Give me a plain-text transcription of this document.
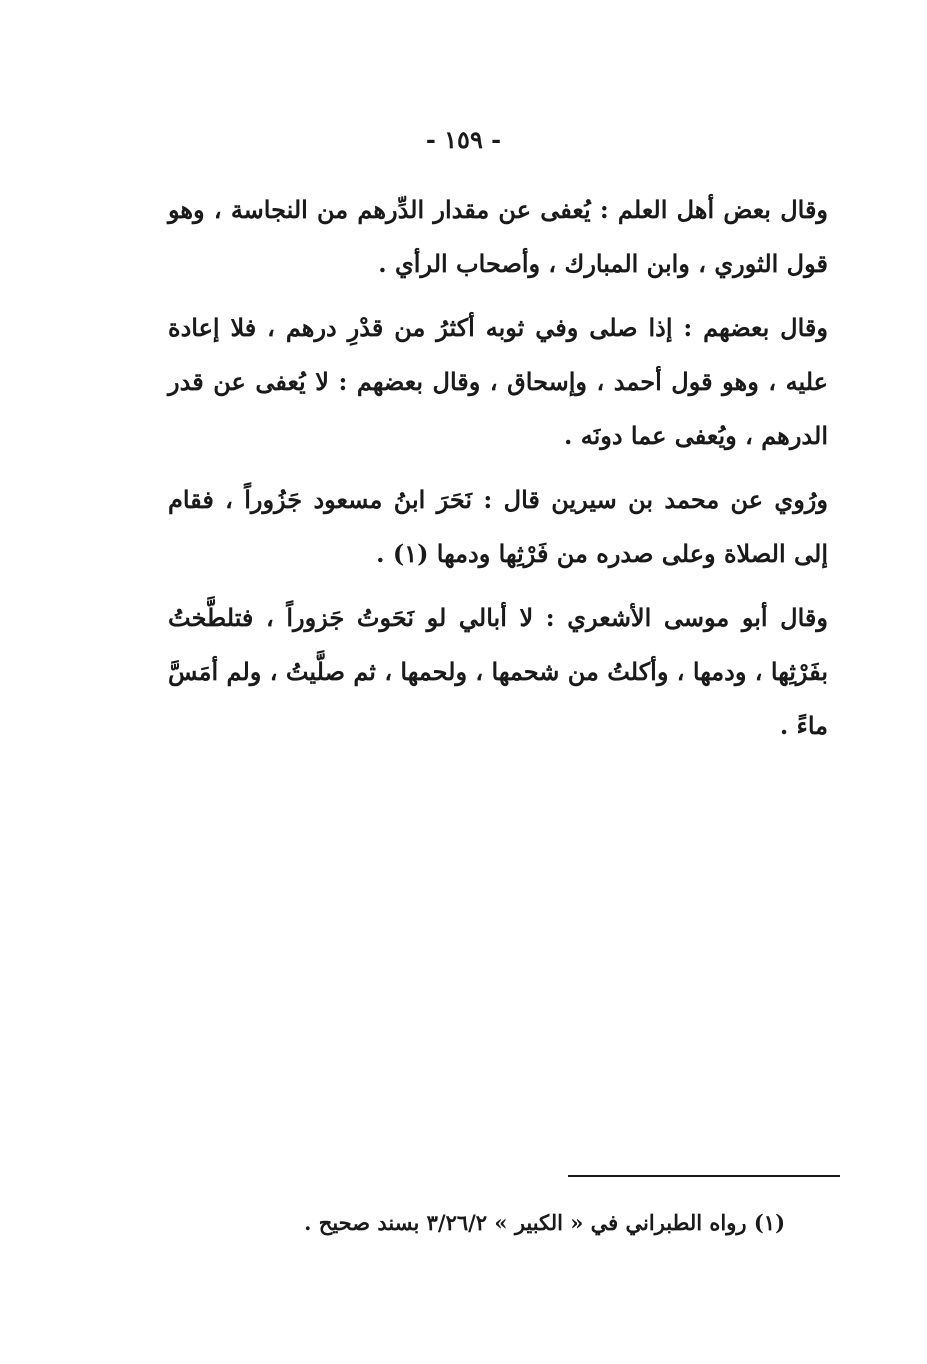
- ١٥٩ -

وقال بعض أهل العلم : يُعفى عن مقدار الدِّرهم من النجاسة ، وهو قول الثوري ، وابن المبارك ، وأصحاب الرأي .

وقال بعضهم : إذا صلى وفي ثوبه أكثرُ من قدْرِ درهم ، فلا إعادة عليه ، وهو قول أحمد ، وإسحاق ، وقال بعضهم : لا يُعفى عن قدر الدرهم ، ويُعفى عما دونَه .

ورُوي عن محمد بن سيرين قال : نَحَرَ ابنُ مسعود جَزُوراً ، فقام إلى الصلاة وعلى صدره من فَرْثِها ودمها (١) .

وقال أبو موسى الأشعري : لا أبالي لو نَحَوتُ جَزوراً ، فتلطَّختُ بفَرْثِها ، ودمها ، وأكلتُ من شحمها ، ولحمها ، ثم صلَّيتُ ، ولم أمَسَّ ماءً .

(١) رواه الطبراني في « الكبير » ٣/٢٦/٢ بسند صحيح .
